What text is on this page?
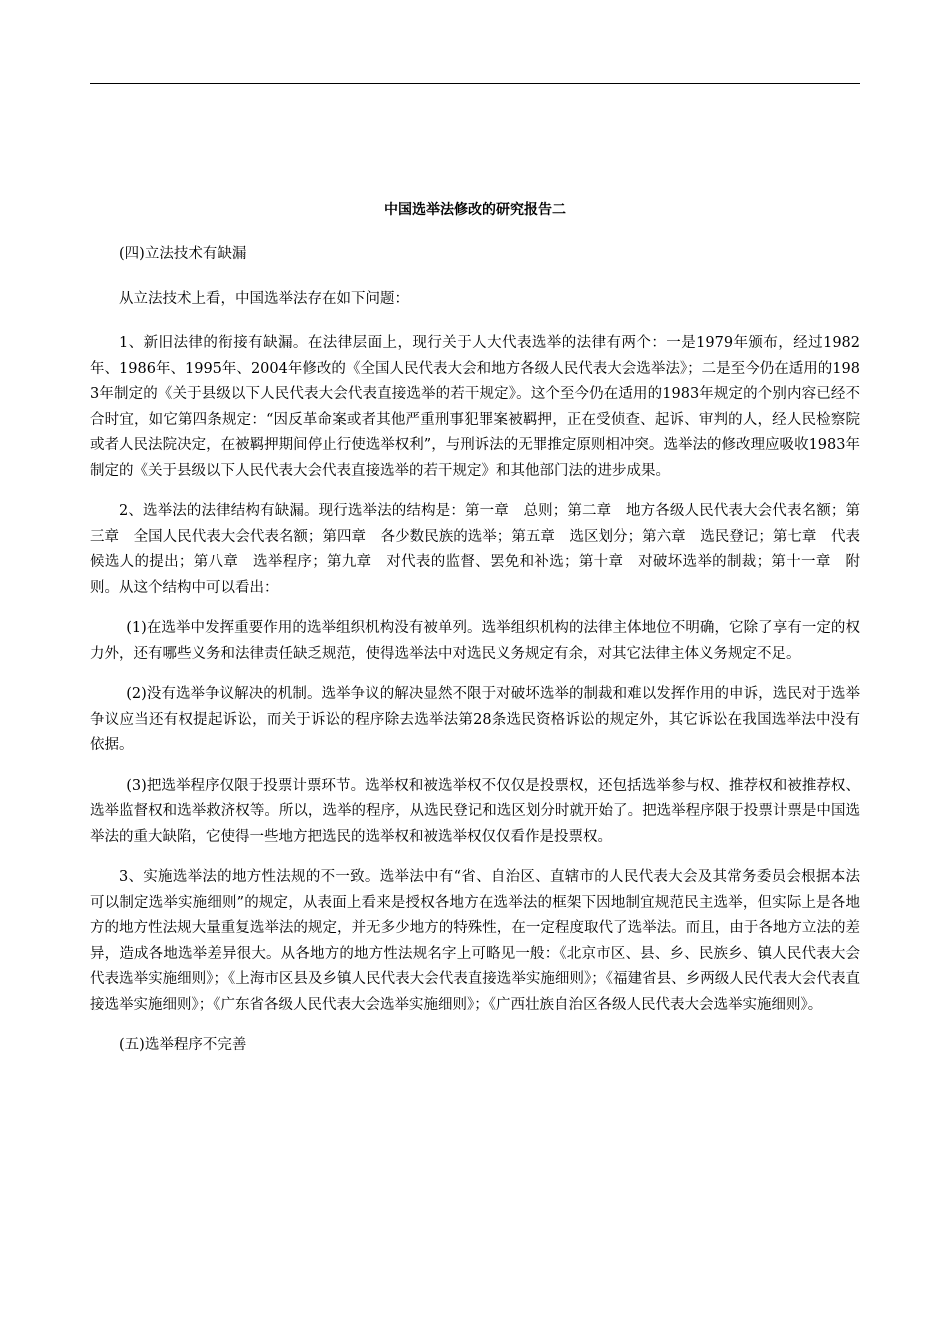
中国选举法修改的研究报告二

(四)立法技术有缺漏

从立法技术上看，中国选举法存在如下问题：

1、新旧法律的衔接有缺漏。在法律层面上，现行关于人大代表选举的法律有两个：一是1979年颁布，经过1982年、1986年、1995年、2004年修改的《全国人民代表大会和地方各级人民代表大会选举法》；二是至今仍在适用的1983年制定的《关于县级以下人民代表大会代表直接选举的若干规定》。这个至今仍在适用的1983年规定的个别内容已经不合时宜，如它第四条规定：“因反革命案或者其他严重刑事犯罪案被羁押，正在受侦查、起诉、审判的人，经人民检察院或者人民法院决定，在被羁押期间停止行使选举权利”，与刑诉法的无罪推定原则相冲突。选举法的修改理应吸收1983年制定的《关于县级以下人民代表大会代表直接选举的若干规定》和其他部门法的进步成果。

2、选举法的法律结构有缺漏。现行选举法的结构是：第一章　总则；第二章　地方各级人民代表大会代表名额；第三章　全国人民代表大会代表名额；第四章　各少数民族的选举；第五章　选区划分；第六章　选民登记；第七章　代表候选人的提出；第八章　选举程序；第九章　对代表的监督、罢免和补选；第十章　对破坏选举的制裁；第十一章　附则。从这个结构中可以看出：

(1)在选举中发挥重要作用的选举组织机构没有被单列。选举组织机构的法律主体地位不明确，它除了享有一定的权力外，还有哪些义务和法律责任缺乏规范，使得选举法中对选民义务规定有余，对其它法律主体义务规定不足。

(2)没有选举争议解决的机制。选举争议的解决显然不限于对破坏选举的制裁和难以发挥作用的申诉，选民对于选举争议应当还有权提起诉讼，而关于诉讼的程序除去选举法第28条选民资格诉讼的规定外，其它诉讼在我国选举法中没有依据。

(3)把选举程序仅限于投票计票环节。选举权和被选举权不仅仅是投票权，还包括选举参与权、推荐权和被推荐权、选举监督权和选举救济权等。所以，选举的程序，从选民登记和选区划分时就开始了。把选举程序限于投票计票是中国选举法的重大缺陷，它使得一些地方把选民的选举权和被选举权仅仅看作是投票权。

3、实施选举法的地方性法规的不一致。选举法中有“省、自治区、直辖市的人民代表大会及其常务委员会根据本法可以制定选举实施细则”的规定，从表面上看来是授权各地方在选举法的框架下因地制宜规范民主选举，但实际上是各地方的地方性法规大量重复选举法的规定，并无多少地方的特殊性，在一定程度取代了选举法。而且，由于各地方立法的差异，造成各地选举差异很大。从各地方的地方性法规名字上可略见一般：《北京市区、县、乡、民族乡、镇人民代表大会代表选举实施细则》；《上海市区县及乡镇人民代表大会代表直接选举实施细则》；《福建省县、乡两级人民代表大会代表直接选举实施细则》；《广东省各级人民代表大会选举实施细则》；《广西壮族自治区各级人民代表大会选举实施细则》。

(五)选举程序不完善
